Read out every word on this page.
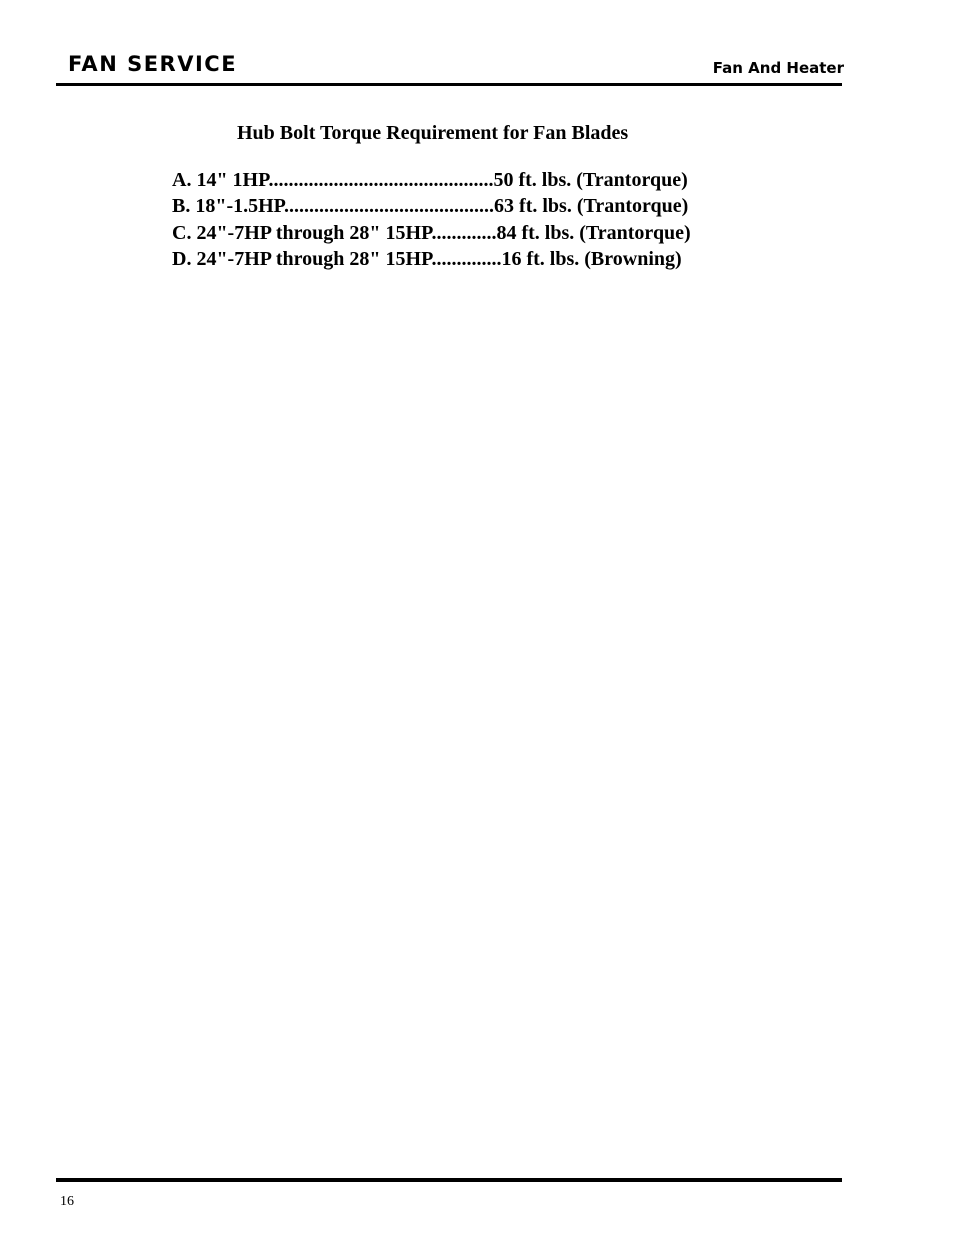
FAN SERVICE	Fan And Heater
Hub Bolt Torque Requirement for Fan Blades
A. 14" 1HP.............................................50 ft. lbs. (Trantorque)
B. 18"-1.5HP..........................................63 ft. lbs. (Trantorque)
C. 24"-7HP through 28" 15HP.............84 ft. lbs. (Trantorque)
D. 24"-7HP through 28" 15HP..............16 ft. lbs. (Browning)
16
